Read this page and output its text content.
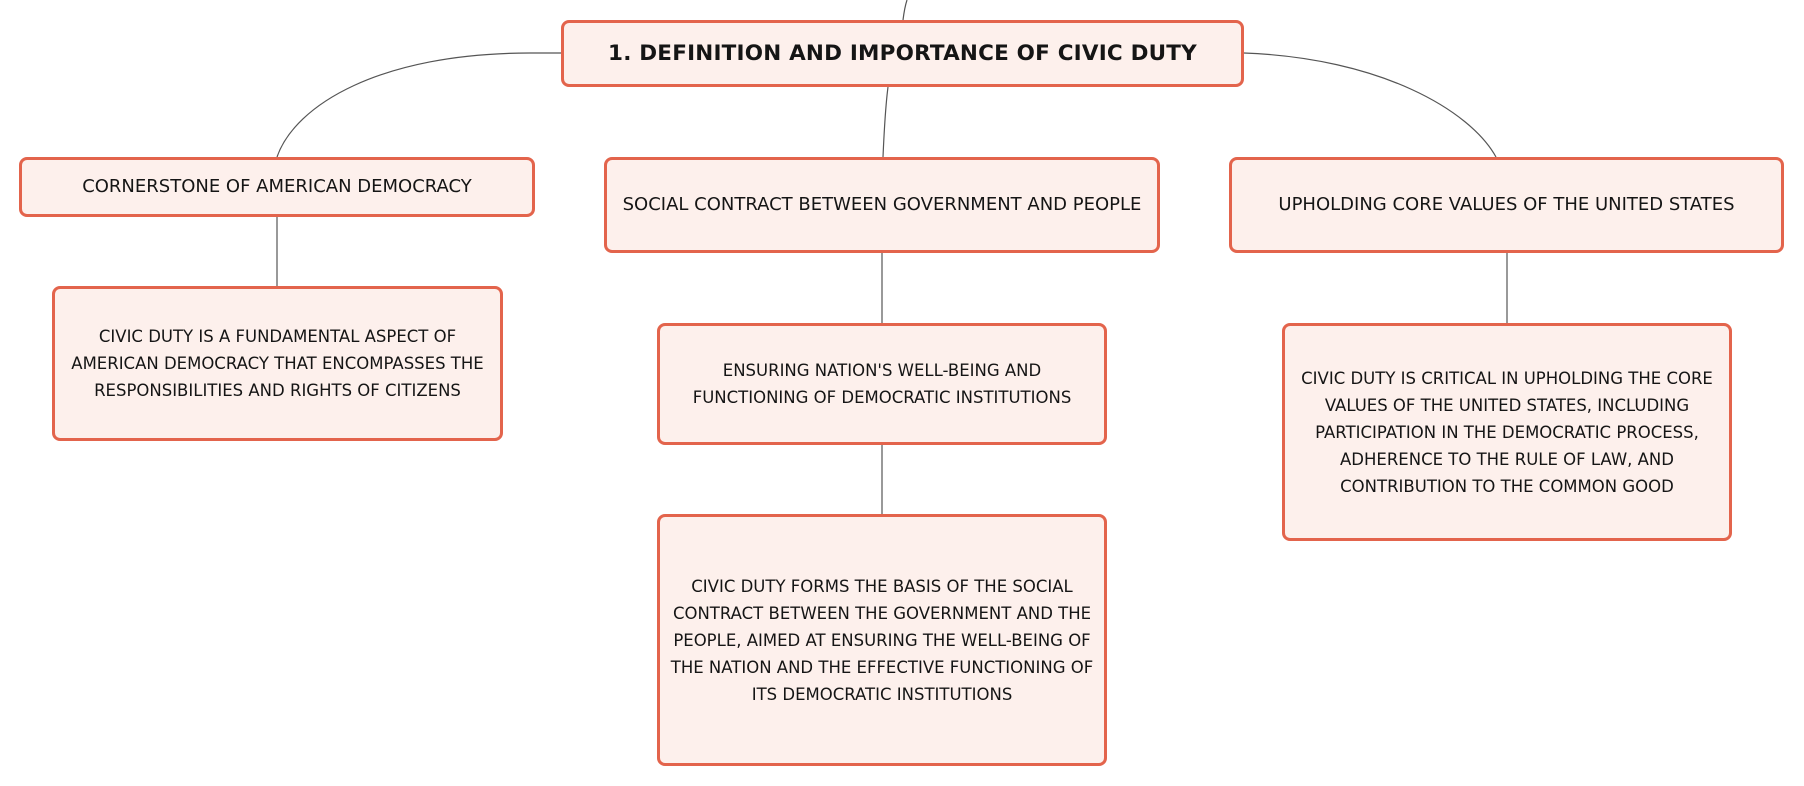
1. DEFINITION AND IMPORTANCE OF CIVIC DUTY
CORNERSTONE OF AMERICAN DEMOCRACY
SOCIAL CONTRACT BETWEEN GOVERNMENT AND PEOPLE	UPHOLDING CORE VALUES OF THE UNITED STATES
CIVIC DUTY IS A FUNDAMENTAL ASPECT OF AMERICAN DEMOCRACY THAT ENCOMPASSES THE RESPONSIBILITIES AND RIGHTS OF CITIZENS
ENSURING NATION'S WELL-BEING AND FUNCTIONING OF DEMOCRATIC INSTITUTIONS
CIVIC DUTY FORMS THE BASIS OF THE SOCIAL CONTRACT BETWEEN THE GOVERNMENT AND THE PEOPLE, AIMED AT ENSURING THE WELL-BEING OF THE NATION AND THE EFFECTIVE FUNCTIONING OF ITS DEMOCRATIC INSTITUTIONS
CIVIC DUTY IS CRITICAL IN UPHOLDING THE CORE VALUES OF THE UNITED STATES, INCLUDING PARTICIPATION IN THE DEMOCRATIC PROCESS, ADHERENCE TO THE RULE OF LAW, AND CONTRIBUTION TO THE COMMON GOOD
